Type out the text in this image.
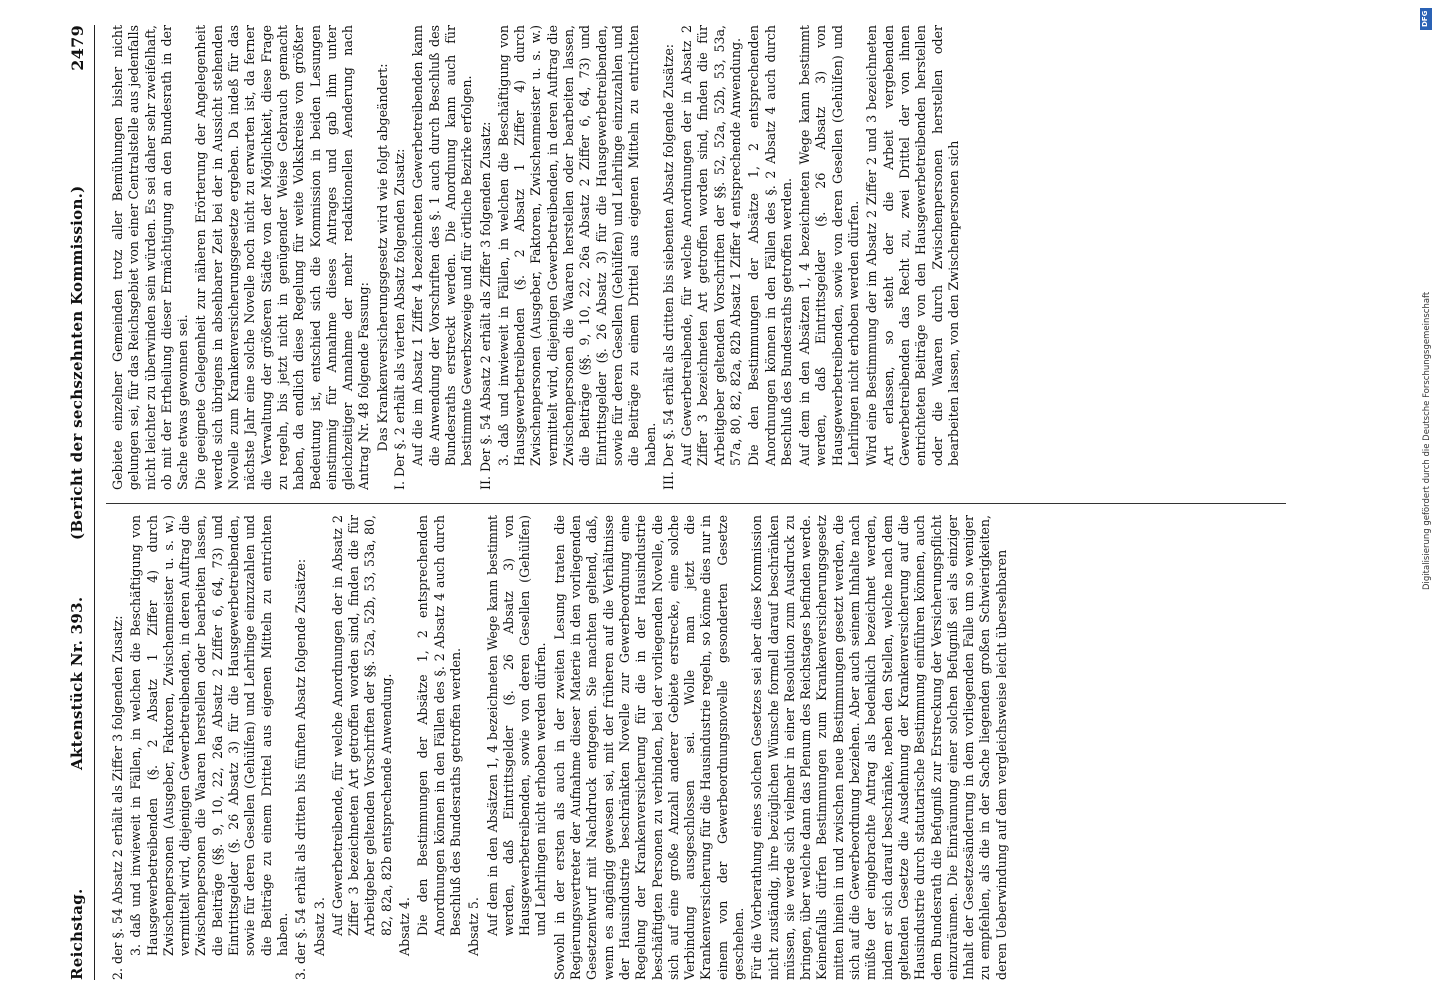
Reichstag.
Aktenstück Nr. 393.
(Bericht der sechszehnten Kommission.)
2479

2. der §. 54 Absatz 2 erhält als Ziffer 3 folgenden Zusatz: 3. daß und inwieweit in Fällen, in welchen die Beschäftigung von Hausgewerbetreibenden (§. 2 Absatz 1 Ziffer 4) durch Zwischenpersonen (Ausgeber, Faktoren, Zwischenmeister u. s. w.) vermittelt wird, diejenigen Gewerbetreibenden, in deren Auftrag die Zwischenpersonen die Waaren herstellen oder bearbeiten lassen, die Beiträge (§§. 9, 10, 22, 26a Absatz 2 Ziffer 6, 64, 73) und Eintrittsgelder (§. 26 Absatz 3) für die Hausgewerbetreibenden, sowie für deren Gesellen (Gehülfen) und Lehrlinge einzuzahlen und die Beiträge zu einem Drittel aus eigenen Mitteln zu entrichten haben. 3. der §. 54 erhält als dritten bis fünften Absatz folgende Zusätze: Absatz 3. Auf Gewerbetreibende, für welche Anordnungen der in Absatz 2 Ziffer 3 bezeichneten Art getroffen worden sind, finden die für Arbeitgeber geltenden Vorschriften der §§. 52a, 52b, 53, 53a, 80, 82, 82a, 82b entsprechende Anwendung. Absatz 4. Die den Bestimmungen der Absätze 1, 2 entsprechenden Anordnungen können in den Fällen des §. 2 Absatz 4 auch durch Beschluß des Bundesraths getroffen werden. Absatz 5. Auf dem in den Absätzen 1, 4 bezeichneten Wege kann bestimmt werden, daß Eintrittsgelder (§. 26 Absatz 3) von Hausgewerbetreibenden, sowie von deren Gesellen (Gehülfen) und Lehrlingen nicht erhoben werden dürfen. Sowohl in der ersten als auch in der zweiten Lesung traten die Regierungsvertreter der Aufnahme dieser Materie in den vorliegenden Gesetzentwurf mit Nachdruck entgegen. Sie machten geltend, daß, wenn es angängig gewesen sei, mit der früheren auf die Verhältnisse der Hausindustrie beschränkten Novelle zur Gewerbeordnung eine Regelung der Krankenversicherung für die in der Hausindustrie beschäftigten Personen zu verbinden, bei der vorliegenden Novelle, die sich auf eine große Anzahl anderer Gebiete erstrecke, eine solche Verbindung ausgeschlossen sei. Wolle man jetzt die Krankenversicherung für die Hausindustrie regeln, so könne dies nur in einem von der Gewerbeordnungsnovelle gesonderten Gesetze geschehen. Für die Vorberathung eines solchen Gesetzes sei aber diese Kommission nicht zuständig, ihre bezüglichen Wünsche formell darauf beschränken müssen, sie werde sich vielmehr in einer Resolution zum Ausdruck zu bringen, über welche dann das Plenum des Reichstages befinden werde. Keinenfalls dürfen Bestimmungen zum Krankenversicherungsgesetz mitten hinein in und zwischen neue Bestimmungen gesetzt werden, die sich auf die Gewerbeordnung beziehen. Aber auch seinem Inhalte nach müßte der eingebrachte Antrag als bedenklich bezeichnet werden, indem er sich darauf beschränke, neben den Stellen, welche nach dem geltenden Gesetze die Ausdehnung der Krankenversicherung auf die Hausindustrie durch statutarische Bestimmung einführen können, auch dem Bundesrath die Befugniß zur Erstreckung der Versicherungspflicht einzuräumen. Die Einräumung einer solchen Befugniß sei als einziger Inhalt der Gesetzesänderung in dem vorliegenden Falle um so weniger zu empfehlen, als die in der Sache liegenden großen Schwierigkeiten, deren Ueberwindung auf dem vergleichsweise leicht übersehbaren

Gebiete einzelner Gemeinden trotz aller Bemühungen bisher nicht gelungen sei, für das Reichsgebiet von einer Centralstelle aus jedenfalls nicht leichter zu überwinden sein würden. Es sei daher sehr zweifelhaft, ob mit der Ertheilung dieser Ermächtigung an den Bundesrath in der Sache etwas gewonnen sei. Die geeignete Gelegenheit zur näheren Erörterung der Angelegenheit werde sich übrigens in absehbarer Zeit bei der in Aussicht stehenden Novelle zum Krankenversicherungsgesetze ergeben. Da indeß für das nächste Jahr eine solche Novelle noch nicht zu erwarten ist, da ferner die Verwaltung der größeren Städte von der Möglichkeit, diese Frage zu regeln, bis jetzt nicht in genügender Weise Gebrauch gemacht haben, da endlich diese Regelung für weite Volkskreise von größter Bedeutung ist, entschied sich die Kommission in beiden Lesungen einstimmig für Annahme dieses Antrages und gab ihm unter gleichzeitiger Annahme der mehr redaktionellen Aenderung nach Antrag Nr. 48 folgende Fassung: Das Krankenversicherungsgesetz wird wie folgt abgeändert: I. Der §. 2 erhält als vierten Absatz folgenden Zusatz: Auf die im Absatz 1 Ziffer 4 bezeichneten Gewerbetreibenden kann die Anwendung der Vorschriften des §. 1 auch durch Beschluß des Bundesraths erstreckt werden. Die Anordnung kann auch für bestimmte Gewerbszweige und für örtliche Bezirke erfolgen. II. Der §. 54 Absatz 2 erhält als Ziffer 3 folgenden Zusatz: 3. daß und inwieweit in Fällen, in welchen die Beschäftigung von Hausgewerbetreibenden (§. 2 Absatz 1 Ziffer 4) durch Zwischenpersonen (Ausgeber, Faktoren, Zwischenmeister u. s. w.) vermittelt wird, diejenigen Gewerbetreibenden, in deren Auftrag die Zwischenpersonen die Waaren herstellen oder bearbeiten lassen, die Beiträge (§§. 9, 10, 22, 26a Absatz 2 Ziffer 6, 64, 73) und Eintrittsgelder (§. 26 Absatz 3) für die Hausgewerbetreibenden, sowie für deren Gesellen (Gehülfen) und Lehrlinge einzuzahlen und die Beiträge zu einem Drittel aus eigenen Mitteln zu entrichten haben. III. Der §. 54 erhält als dritten bis siebenten Absatz folgende Zusätze: Auf Gewerbetreibende, für welche Anordnungen der in Absatz 2 Ziffer 3 bezeichneten Art getroffen worden sind, finden die für Arbeitgeber geltenden Vorschriften der §§. 52, 52a, 52b, 53, 53a, 57a, 80, 82, 82a, 82b Absatz 1 Ziffer 4 entsprechende Anwendung. Die den Bestimmungen der Absätze 1, 2 entsprechenden Anordnungen können in den Fällen des §. 2 Absatz 4 auch durch Beschluß des Bundesraths getroffen werden. Auf dem in den Absätzen 1, 4 bezeichneten Wege kann bestimmt werden, daß Eintrittsgelder (§. 26 Absatz 3) von Hausgewerbetreibenden, sowie von deren Gesellen (Gehülfen) und Lehrlingen nicht erhoben werden dürfen. Wird eine Bestimmung der im Absatz 2 Ziffer 2 und 3 bezeichneten Art erlassen, so steht der die Arbeit vergebenden Gewerbetreibenden das Recht zu, zwei Drittel der von ihnen entrichteten Beiträge von den Hausgewerbetreibenden herstellen oder die Waaren durch Zwischenpersonen herstellen oder bearbeiten lassen, von den Zwischenpersonen sich

DFG
Digitalisierung gefördert durch die Deutsche Forschungsgemeinschaft
